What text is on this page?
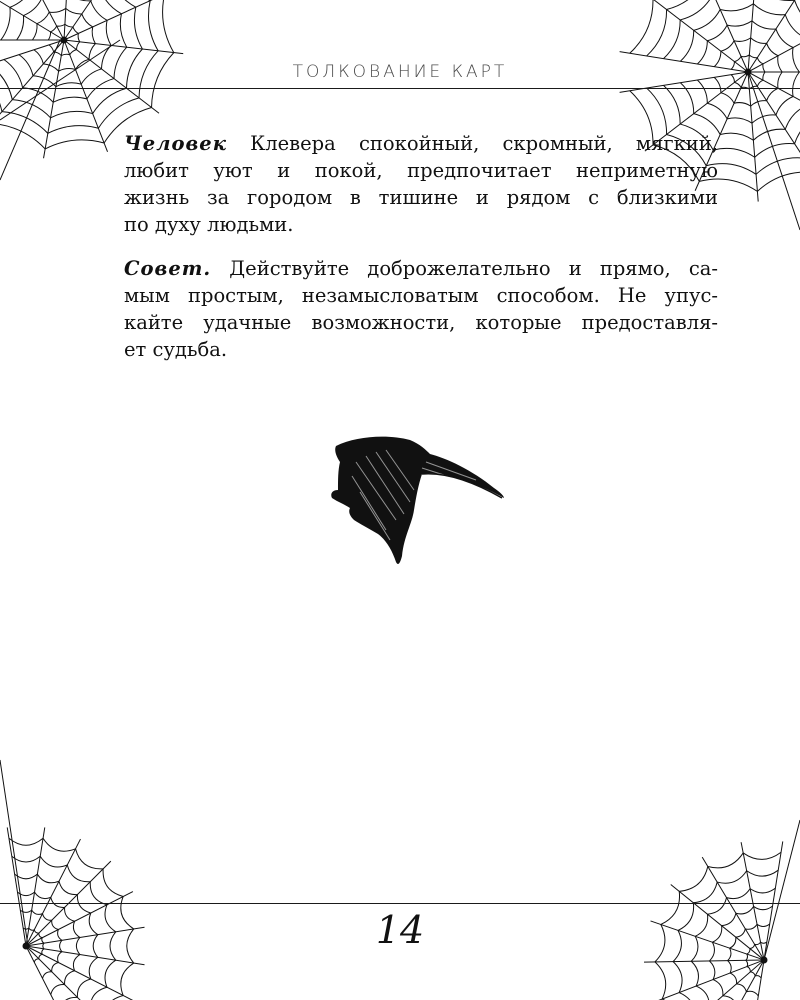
ТОЛКОВАНИЕ КАРТ

Человек Клевера спокойный, скромный, мягкий,
любит уют и покой, предпочитает неприметную
жизнь за городом в тишине и рядом с близкими
по духу людьми.

Совет. Действуйте доброжелательно и прямо, са-
мым простым, незамысловатым способом. Не упус-
кайте удачные возможности, которые предоставля-
ет судьба.

14
